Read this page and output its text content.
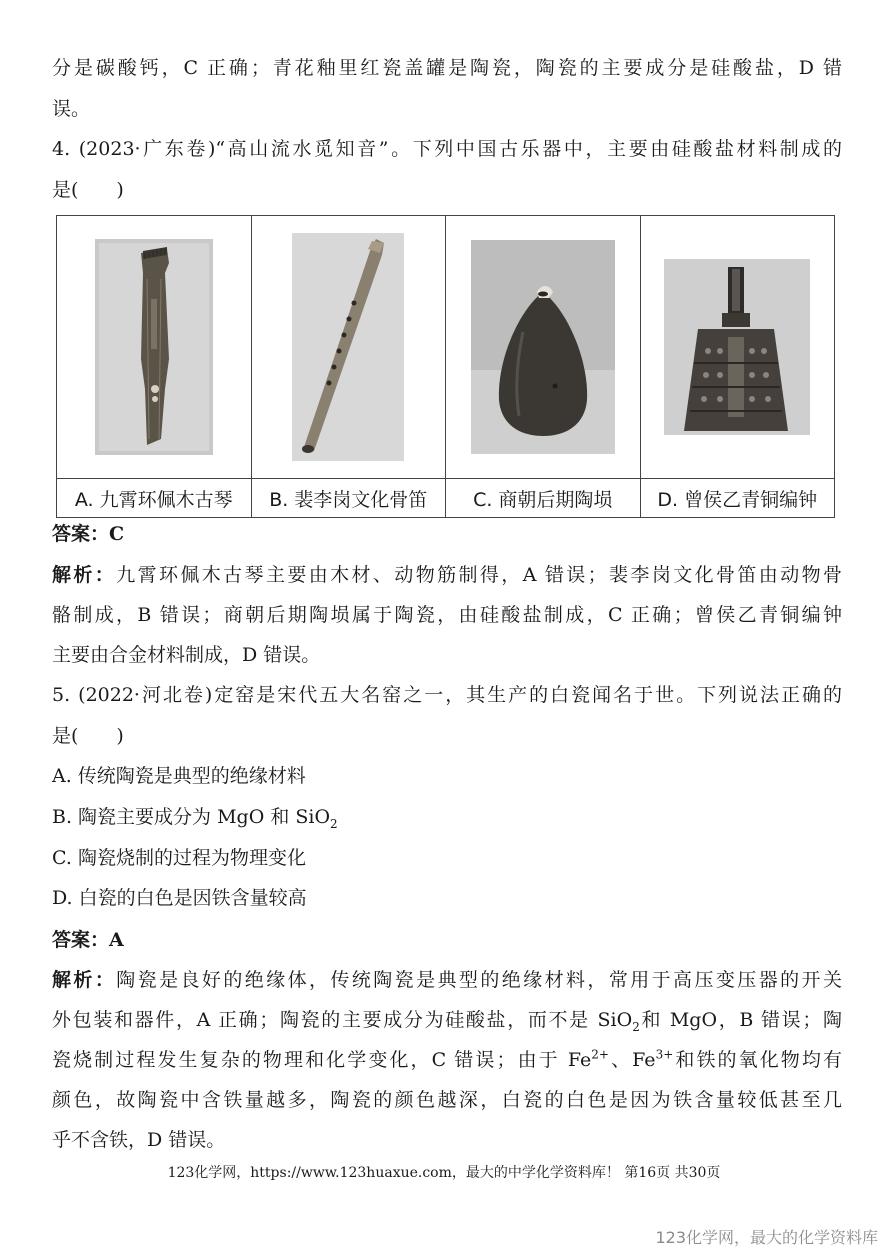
分是碳酸钙，C 正确；青花釉里红瓷盖罐是陶瓷，陶瓷的主要成分是硅酸盐，D 错
误。
4. (2023·广东卷)“高山流水觅知音”。下列中国古乐器中，主要由硅酸盐材料制成的
是(　　)

A. 九霄环佩木古琴	B. 裴李岗文化骨笛	C. 商朝后期陶埙	D. 曾侯乙青铜编钟
答案：C
解析：九霄环佩木古琴主要由木材、动物筋制得，A 错误；裴李岗文化骨笛由动物骨
骼制成，B 错误；商朝后期陶埙属于陶瓷，由硅酸盐制成，C 正确；曾侯乙青铜编钟
主要由合金材料制成，D 错误。
5. (2022·河北卷)定窑是宋代五大名窑之一，其生产的白瓷闻名于世。下列说法正确的
是(　　)
A. 传统陶瓷是典型的绝缘材料
B. 陶瓷主要成分为 MgO 和 SiO$_2$
C. 陶瓷烧制的过程为物理变化
D. 白瓷的白色是因铁含量较高
答案：A
解析：陶瓷是良好的绝缘体，传统陶瓷是典型的绝缘材料，常用于高压变压器的开关
外包装和器件，A 正确；陶瓷的主要成分为硅酸盐，而不是 SiO$_2$和 MgO，B 错误；陶
瓷烧制过程发生复杂的物理和化学变化，C 错误；由于 $Fe^{2+}$、$Fe^{3+}$和铁的氧化物均有
颜色，故陶瓷中含铁量越多，陶瓷的颜色越深，白瓷的白色是因为铁含量较低甚至几
乎不含铁，D 错误。
123化学网，https://www.123huaxue.com，最大的中学化学资料库！ 第16页 共30页
123化学网，最大的化学资料库
